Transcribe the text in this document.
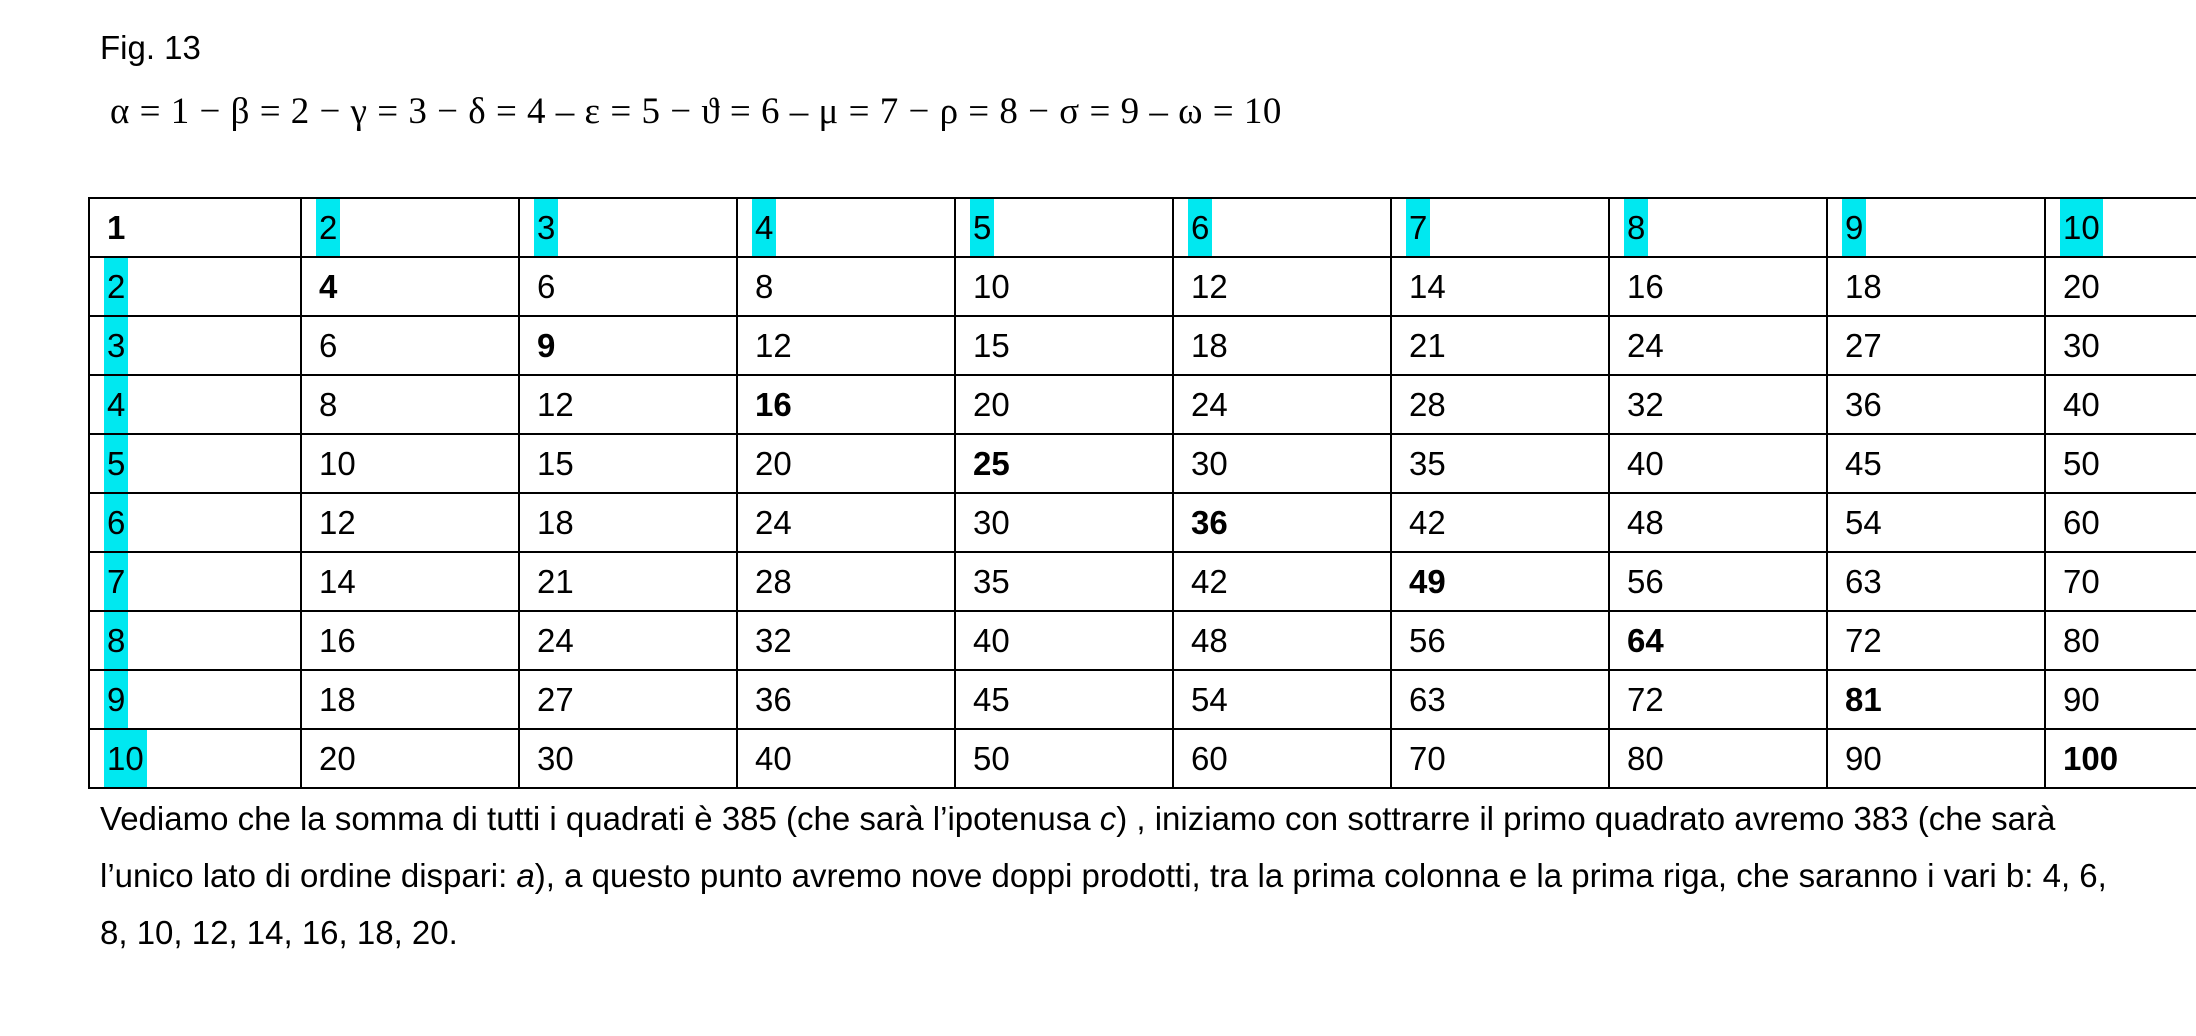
Fig. 13
α = 1 − β = 2 − γ = 3 − δ = 4 – ε = 5 − ϑ = 6 – μ = 7 − ρ = 8 − σ = 9 – ω = 10
1	2	3	4	5	6	7	8	9	10
2	4	6	8	10	12	14	16	18	20
3	6	9	12	15	18	21	24	27	30
4	8	12	16	20	24	28	32	36	40
5	10	15	20	25	30	35	40	45	50
6	12	18	24	30	36	42	48	54	60
7	14	21	28	35	42	49	56	63	70
8	16	24	32	40	48	56	64	72	80
9	18	27	36	45	54	63	72	81	90
10	20	30	40	50	60	70	80	90	100
Vediamo che la somma di tutti i quadrati è 385 (che sarà l’ipotenusa c) , iniziamo con sottrarre il primo quadrato avremo 383 (che sarà l’unico lato di ordine dispari: a), a questo punto avremo nove doppi prodotti, tra la prima colonna e la prima riga, che saranno i vari b: 4, 6, 8, 10, 12, 14, 16, 18, 20.
